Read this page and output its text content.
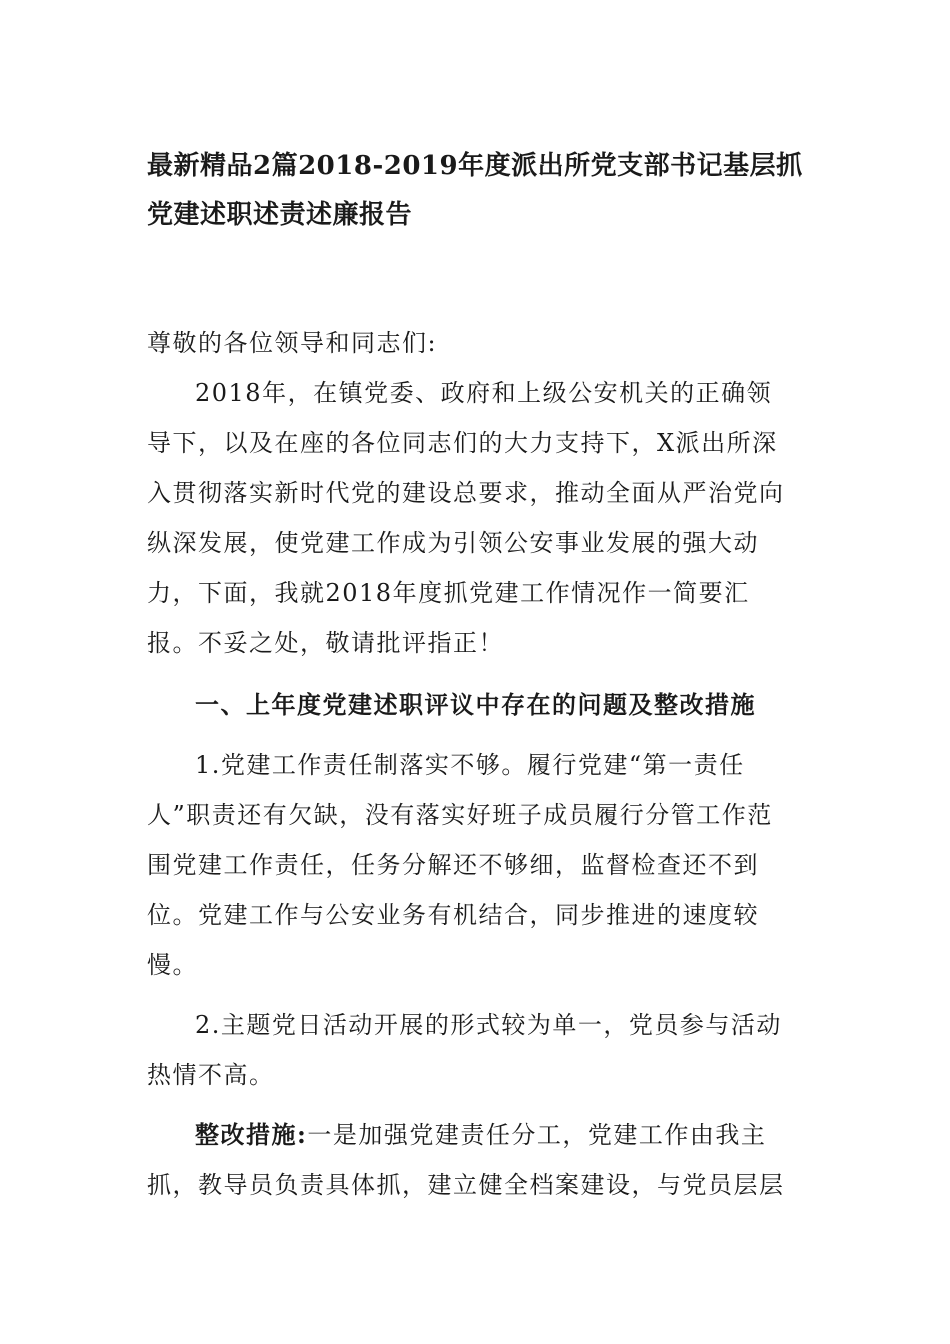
最新精品2篇2018-2019年度派出所党支部书记基层抓党建述职述责述廉报告

尊敬的各位领导和同志们:

2018年，在镇党委、政府和上级公安机关的正确领导下，以及在座的各位同志们的大力支持下，X派出所深入贯彻落实新时代党的建设总要求，推动全面从严治党向纵深发展，使党建工作成为引领公安事业发展的强大动力，下面，我就2018年度抓党建工作情况作一简要汇报。不妥之处，敬请批评指正！

一、上年度党建述职评议中存在的问题及整改措施

1.党建工作责任制落实不够。履行党建“第一责任人”职责还有欠缺，没有落实好班子成员履行分管工作范围党建工作责任，任务分解还不够细，监督检查还不到位。党建工作与公安业务有机结合，同步推进的速度较慢。

2.主题党日活动开展的形式较为单一，党员参与活动热情不高。

整改措施:一是加强党建责任分工，党建工作由我主抓，教导员负责具体抓，建立健全档案建设，与党员层层
